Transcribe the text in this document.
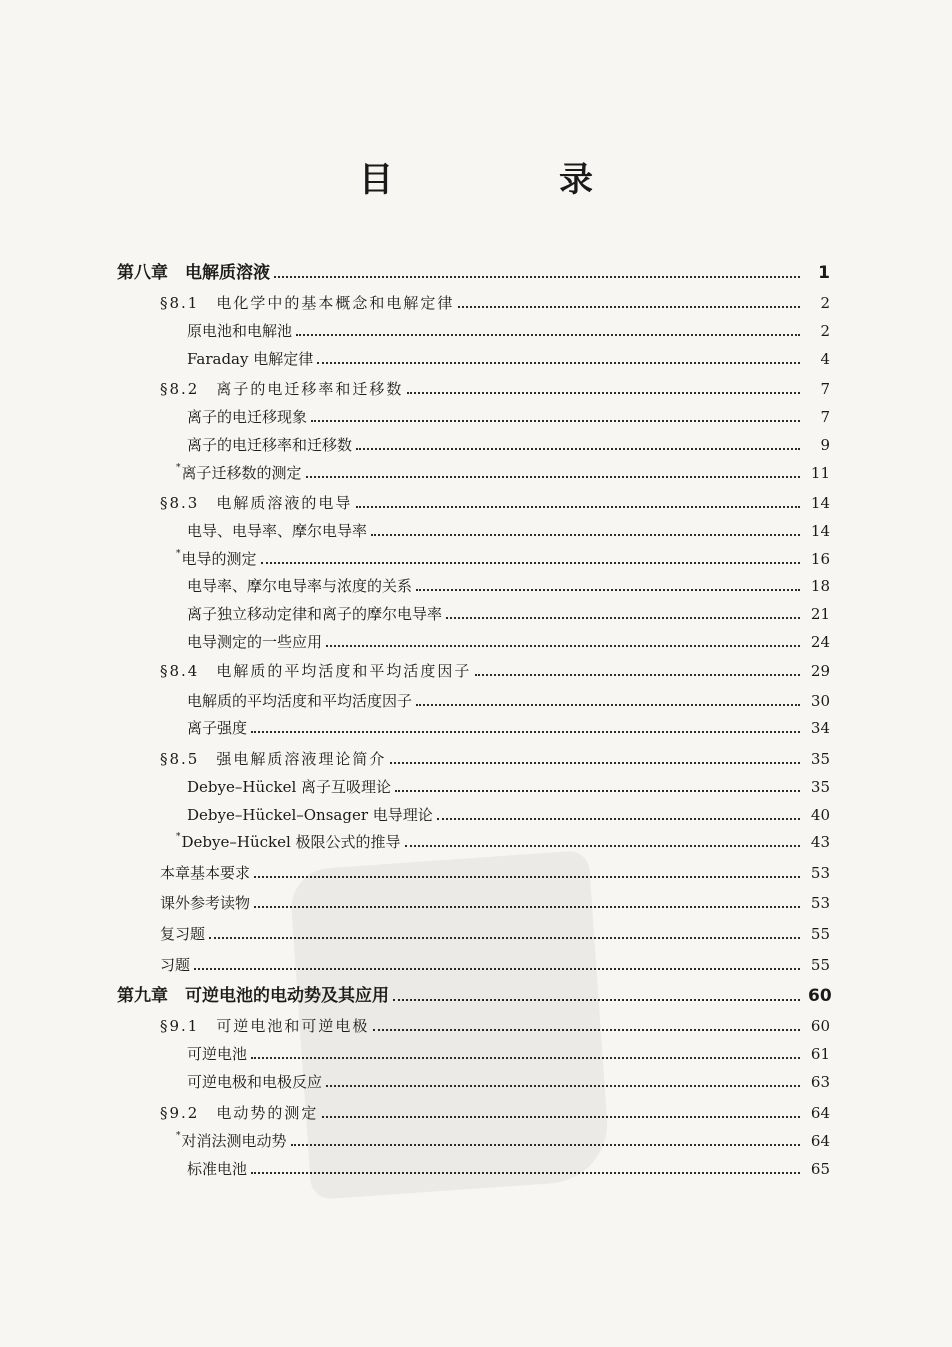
目　录
第八章　电解质溶液	1
§8.1　电化学中的基本概念和电解定律	2
原电池和电解池	2
Faraday 电解定律	4
§8.2　离子的电迁移率和迁移数	7
离子的电迁移现象	7
离子的电迁移率和迁移数	9
*离子迁移数的测定	11
§8.3　电解质溶液的电导	14
电导、电导率、摩尔电导率	14
*电导的测定	16
电导率、摩尔电导率与浓度的关系	18
离子独立移动定律和离子的摩尔电导率	21
电导测定的一些应用	24
§8.4　电解质的平均活度和平均活度因子	29
电解质的平均活度和平均活度因子	30
离子强度	34
§8.5　强电解质溶液理论简介	35
Debye–Hückel 离子互吸理论	35
Debye–Hückel–Onsager 电导理论	40
*Debye–Hückel 极限公式的推导	43
本章基本要求	53
课外参考读物	53
复习题	55
习题	55
第九章　可逆电池的电动势及其应用	60
§9.1　可逆电池和可逆电极	60
可逆电池	61
可逆电极和电极反应	63
§9.2　电动势的测定	64
*对消法测电动势	64
标准电池	65
